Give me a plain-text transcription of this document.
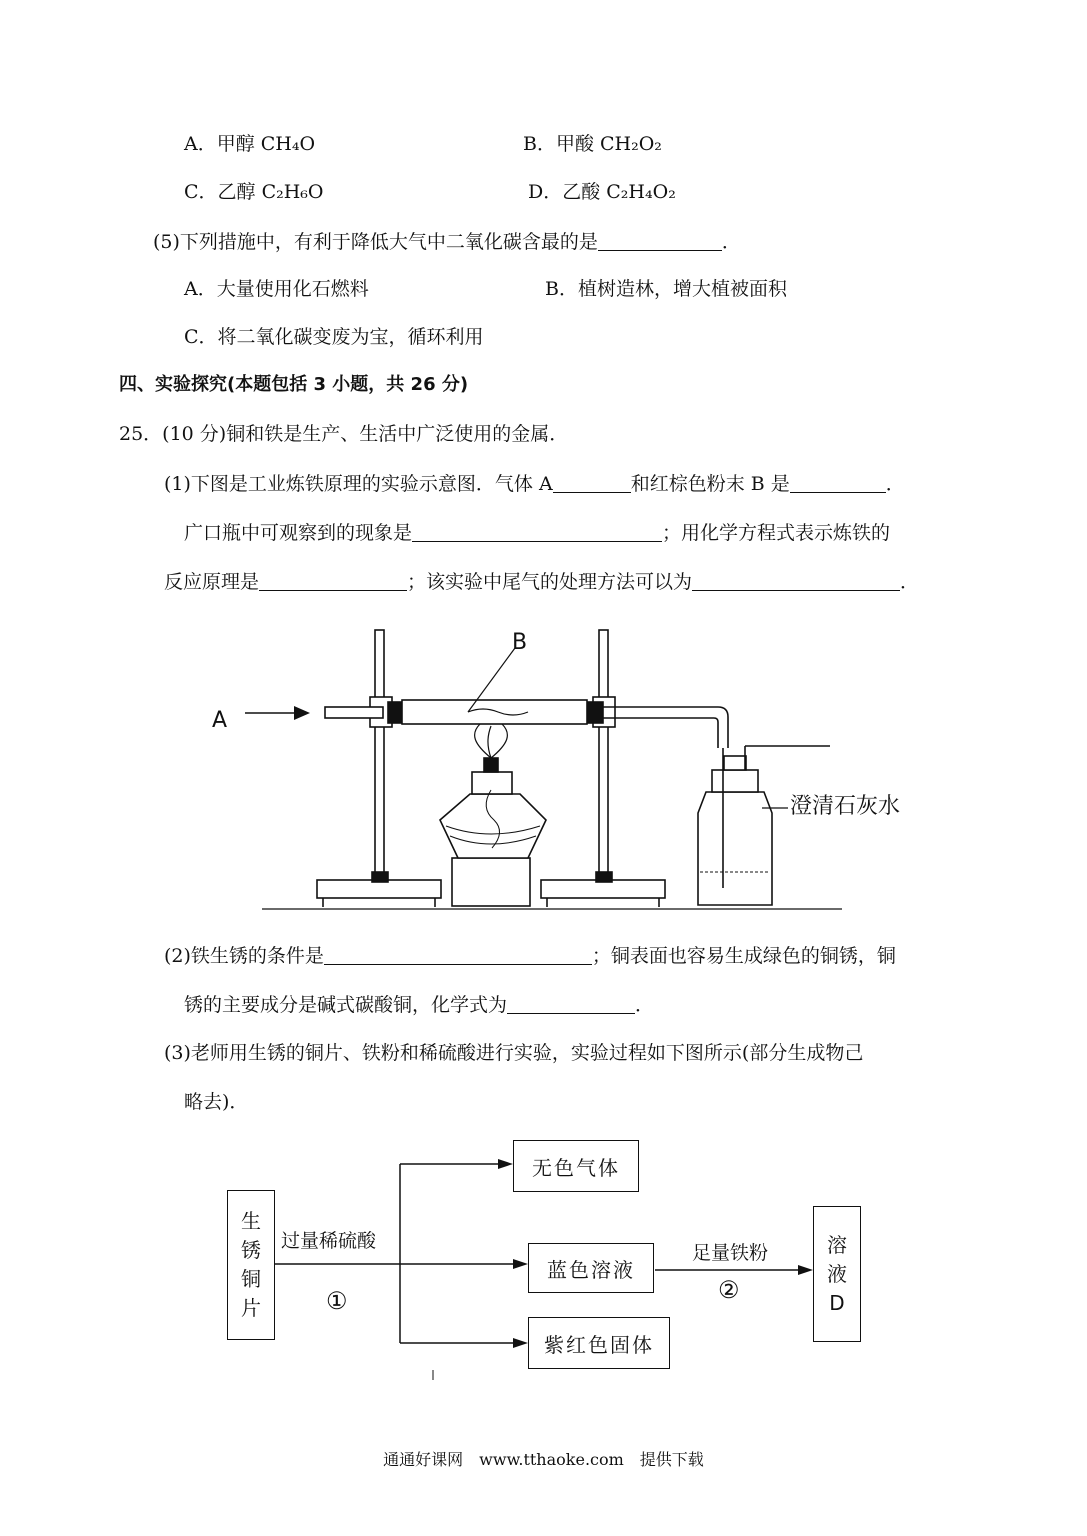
A．甲醇 CH₄O	B．甲酸 CH₂O₂
C．乙醇 C₂H₆O	D．乙酸 C₂H₄O₂
(5)下列措施中，有利于降低大气中二氧化碳含最的是	．
A．大量使用化石燃料	B．植树造林，增大植被面积
C．将二氧化碳变废为宝，循环利用
四、实验探究(本题包括 3 小题，共 26 分)
25．(10 分)铜和铁是生产、生活中广泛使用的金属．
(1)下图是工业炼铁原理的实验示意图．气体 A	和红棕色粉末 B 是	．
广口瓶中可观察到的现象是	；用化学方程式表示炼铁的
反应原理是	；该实验中尾气的处理方法可以为	．
A
B
澄清石灰水
(2)铁生锈的条件是	；铜表面也容易生成绿色的铜锈，铜
锈的主要成分是碱式碳酸铜，化学式为	．
(3)老师用生锈的铜片、铁粉和稀硫酸进行实验，实验过程如下图所示(部分生成物己
略去)．
生
锈
铜
片
过量稀硫酸
①
无色气体
蓝色溶液
紫红色固体
足量铁粉
②
溶
液
D
通通好课网　www.tthaoke.com　提供下载
